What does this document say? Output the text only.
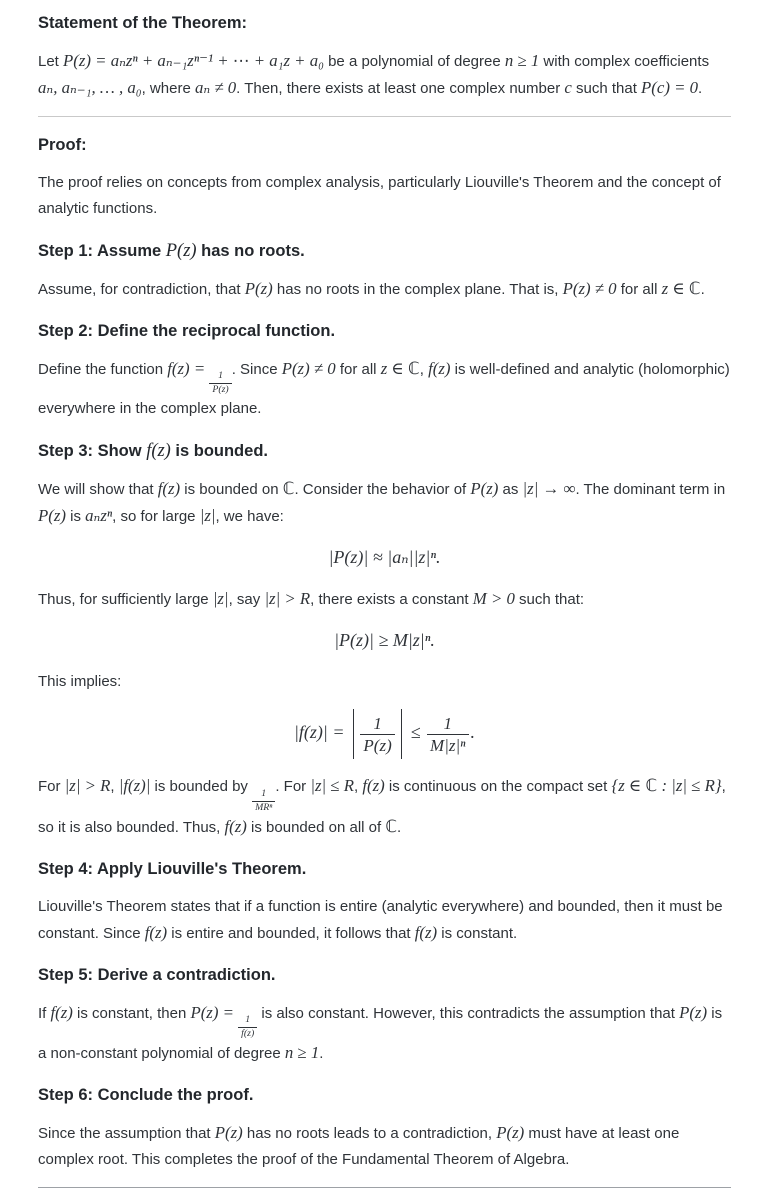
Statement of the Theorem:
Let P(z) = aₙzⁿ + aₙ₋₁zⁿ⁻¹ + ⋯ + a₁z + a₀ be a polynomial of degree n ≥ 1 with complex coefficients aₙ, aₙ₋₁, … , a₀, where aₙ ≠ 0. Then, there exists at least one complex number c such that P(c) = 0.
Proof:
The proof relies on concepts from complex analysis, particularly Liouville's Theorem and the concept of analytic functions.
Step 1: Assume P(z) has no roots.
Assume, for contradiction, that P(z) has no roots in the complex plane. That is, P(z) ≠ 0 for all z ∈ ℂ.
Step 2: Define the reciprocal function.
Define the function f(z) =
$\frac{1}{P(z)}$
. Since P(z) ≠ 0 for all z ∈ ℂ, f(z) is well-defined and analytic (holomorphic) everywhere in the complex plane.
Step 3: Show f(z) is bounded.
We will show that f(z) is bounded on ℂ. Consider the behavior of P(z) as |z| → ∞. The dominant term in P(z) is aₙzⁿ, so for large |z|, we have:
|P(z)| ≈ |aₙ||z|ⁿ.
Thus, for sufficiently large |z|, say |z| > R, there exists a constant M > 0 such that:
|P(z)| ≥ M|z|ⁿ.
This implies:
$|f(z)| = \frac{1}{P(z)} \le \frac{1}{\text{M|z|ⁿ}}$ .
For |z| > R, |f(z)| is bounded by
$\frac{1}{\text{MRⁿ}}$
. For |z| ≤ R, f(z) is continuous on the compact set {z ∈ ℂ : |z| ≤ R}, so it is also bounded. Thus, f(z) is bounded on all of ℂ.
Step 4: Apply Liouville's Theorem.
Liouville's Theorem states that if a function is entire (analytic everywhere) and bounded, then it must be constant. Since f(z) is entire and bounded, it follows that f(z) is constant.
Step 5: Derive a contradiction.
If f(z) is constant, then P(z) =
$\frac{1}{f(z)}$
is also constant. However, this contradicts the assumption that P(z) is a non-constant polynomial of degree n ≥ 1.
Step 6: Conclude the proof.
Since the assumption that P(z) has no roots leads to a contradiction, P(z) must have at least one complex root. This completes the proof of the Fundamental Theorem of Algebra.
